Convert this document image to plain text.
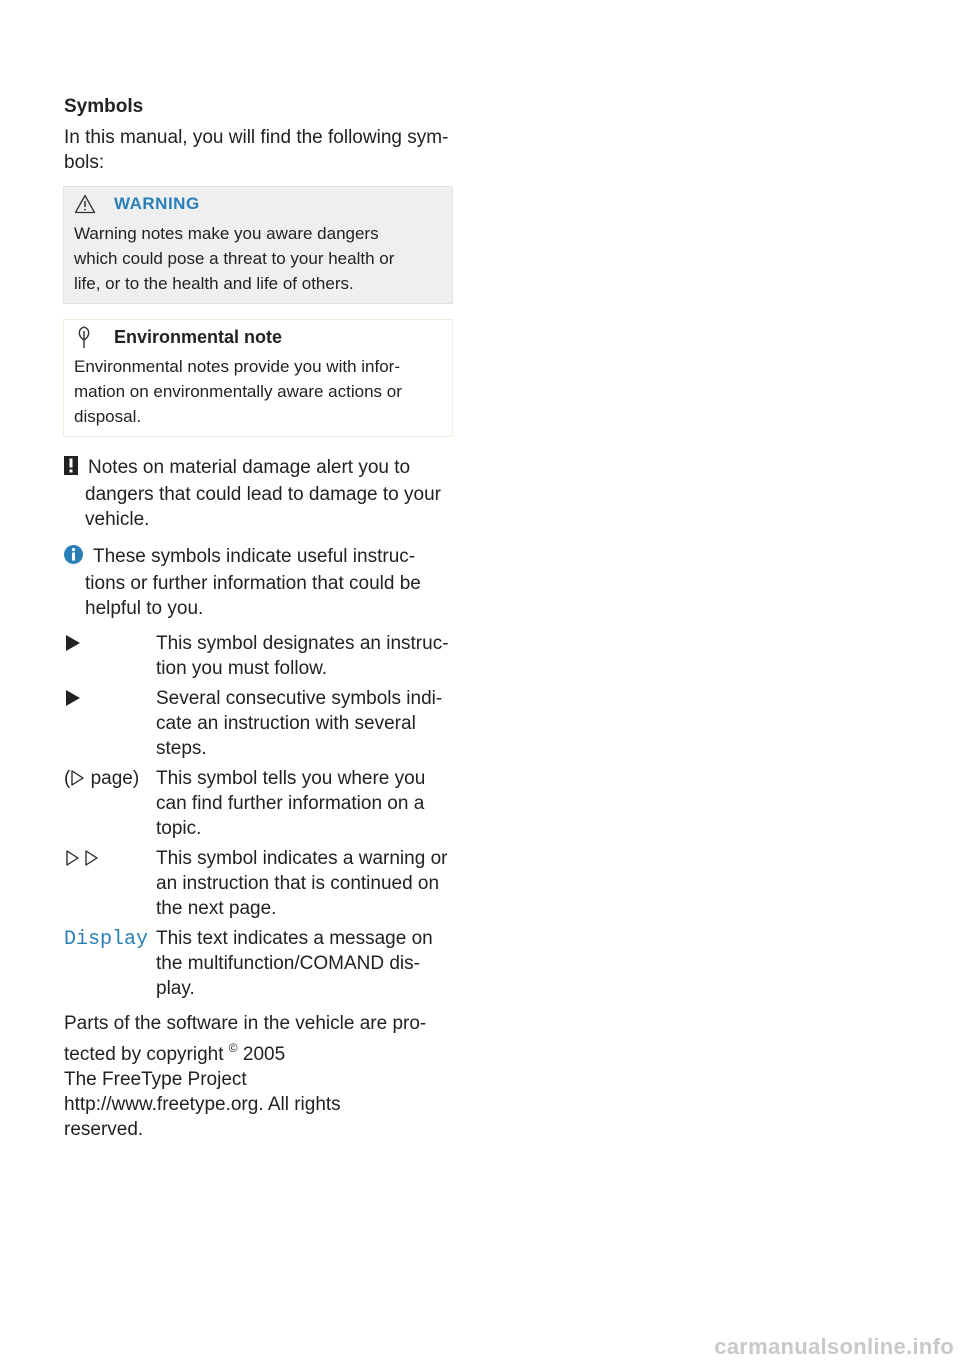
Symbols

In this manual, you will find the following sym-

bols:

WARNING

Warning notes make you aware dangers

which could pose a threat to your health or

life, or to the health and life of others.

Environmental note

Environmental notes provide you with infor-

mation on environmentally aware actions or

disposal.

Notes on material damage alert you to
dangers that could lead to damage to your
vehicle.

These symbols indicate useful instruc-
tions or further information that could be
helpful to you.

This symbol designates an instruc-
tion you must follow.
Several consecutive symbols indi-
cate an instruction with several
steps.
( page) This symbol tells you where you
can find further information on a
topic.
This symbol indicates a warning or
an instruction that is continued on
the next page.
Display This text indicates a message on
the multifunction/COMAND dis-
play.
Parts of the software in the vehicle are pro-
tected by copyright © 2005
The FreeType Project
http://www.freetype.org. All rights
reserved.
carmanualsonline.info
